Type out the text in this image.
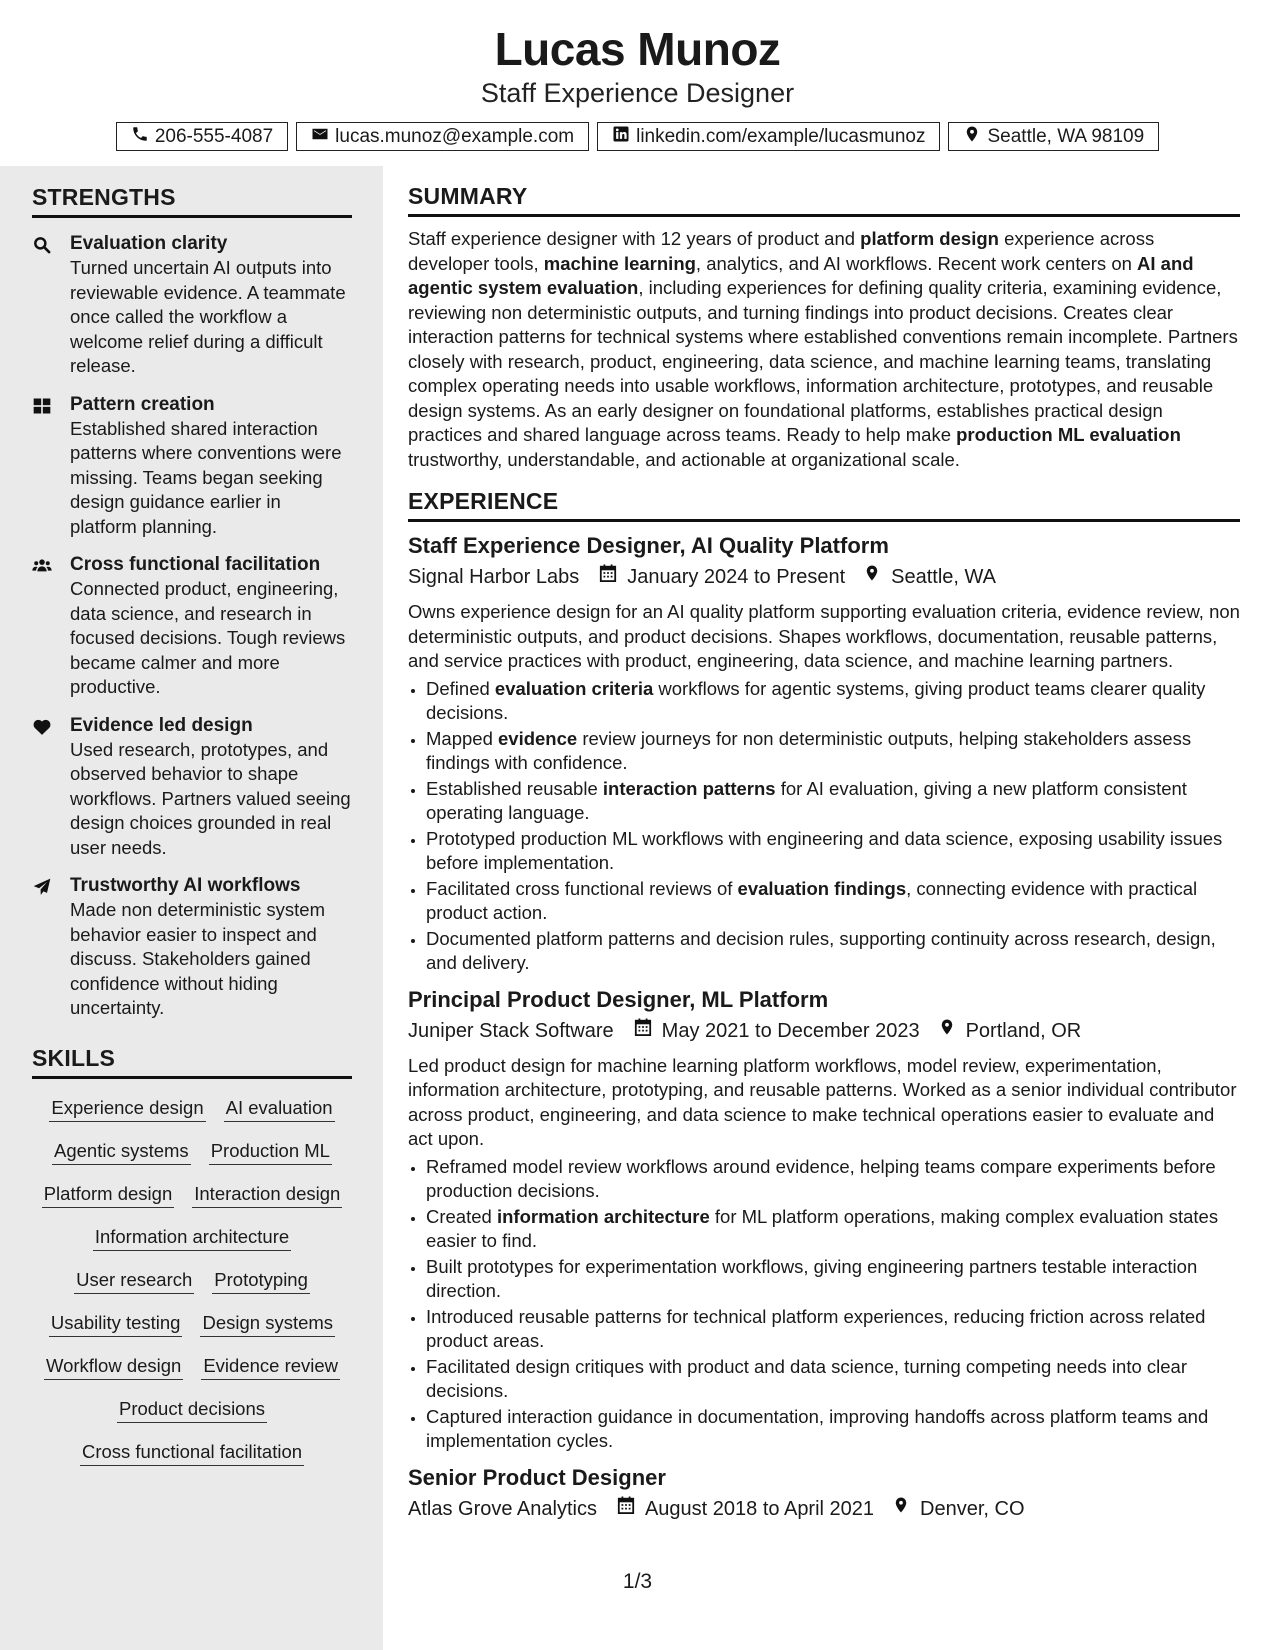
Lucas Munoz
Staff Experience Designer
206-555-4087	lucas.munoz@example.com	linkedin.com/example/lucasmunoz	Seattle, WA 98109
STRENGTHS
Evaluation clarity
Turned uncertain AI outputs into reviewable evidence. A teammate once called the workflow a welcome relief during a difficult release.
Pattern creation
Established shared interaction patterns where conventions were missing. Teams began seeking design guidance earlier in platform planning.
Cross functional facilitation
Connected product, engineering, data science, and research in focused decisions. Tough reviews became calmer and more productive.
Evidence led design
Used research, prototypes, and observed behavior to shape workflows. Partners valued seeing design choices grounded in real user needs.
Trustworthy AI workflows
Made non deterministic system behavior easier to inspect and discuss. Stakeholders gained confidence without hiding uncertainty.
SKILLS
Experience design AI evaluation
Agentic systems Production ML
Platform design Interaction design
Information architecture
User research Prototyping
Usability testing Design systems
Workflow design Evidence review
Product decisions
Cross functional facilitation
SUMMARY
Staff experience designer with 12 years of product and platform design experience across developer tools, machine learning, analytics, and AI workflows. Recent work centers on AI and agentic system evaluation, including experiences for defining quality criteria, examining evidence, reviewing non deterministic outputs, and turning findings into product decisions. Creates clear interaction patterns for technical systems where established conventions remain incomplete. Partners closely with research, product, engineering, data science, and machine learning teams, translating complex operating needs into usable workflows, information architecture, prototypes, and reusable design systems. As an early designer on foundational platforms, establishes practical design practices and shared language across teams. Ready to help make production ML evaluation trustworthy, understandable, and actionable at organizational scale.
EXPERIENCE
Staff Experience Designer, AI Quality Platform
Signal Harbor Labs January 2024 to Present Seattle, WA
Owns experience design for an AI quality platform supporting evaluation criteria, evidence review, non deterministic outputs, and product decisions. Shapes workflows, documentation, reusable patterns, and service practices with product, engineering, data science, and machine learning partners.
• Defined evaluation criteria workflows for agentic systems, giving product teams clearer quality decisions.
• Mapped evidence review journeys for non deterministic outputs, helping stakeholders assess findings with confidence.
• Established reusable interaction patterns for AI evaluation, giving a new platform consistent operating language.
• Prototyped production ML workflows with engineering and data science, exposing usability issues before implementation.
• Facilitated cross functional reviews of evaluation findings, connecting evidence with practical product action.
• Documented platform patterns and decision rules, supporting continuity across research, design, and delivery.
Principal Product Designer, ML Platform
Juniper Stack Software May 2021 to December 2023 Portland, OR
Led product design for machine learning platform workflows, model review, experimentation, information architecture, prototyping, and reusable patterns. Worked as a senior individual contributor across product, engineering, and data science to make technical operations easier to evaluate and act upon.
• Reframed model review workflows around evidence, helping teams compare experiments before production decisions.
• Created information architecture for ML platform operations, making complex evaluation states easier to find.
• Built prototypes for experimentation workflows, giving engineering partners testable interaction direction.
• Introduced reusable patterns for technical platform experiences, reducing friction across related product areas.
• Facilitated design critiques with product and data science, turning competing needs into clear decisions.
• Captured interaction guidance in documentation, improving handoffs across platform teams and implementation cycles.
Senior Product Designer
Atlas Grove Analytics August 2018 to April 2021 Denver, CO
1/3
